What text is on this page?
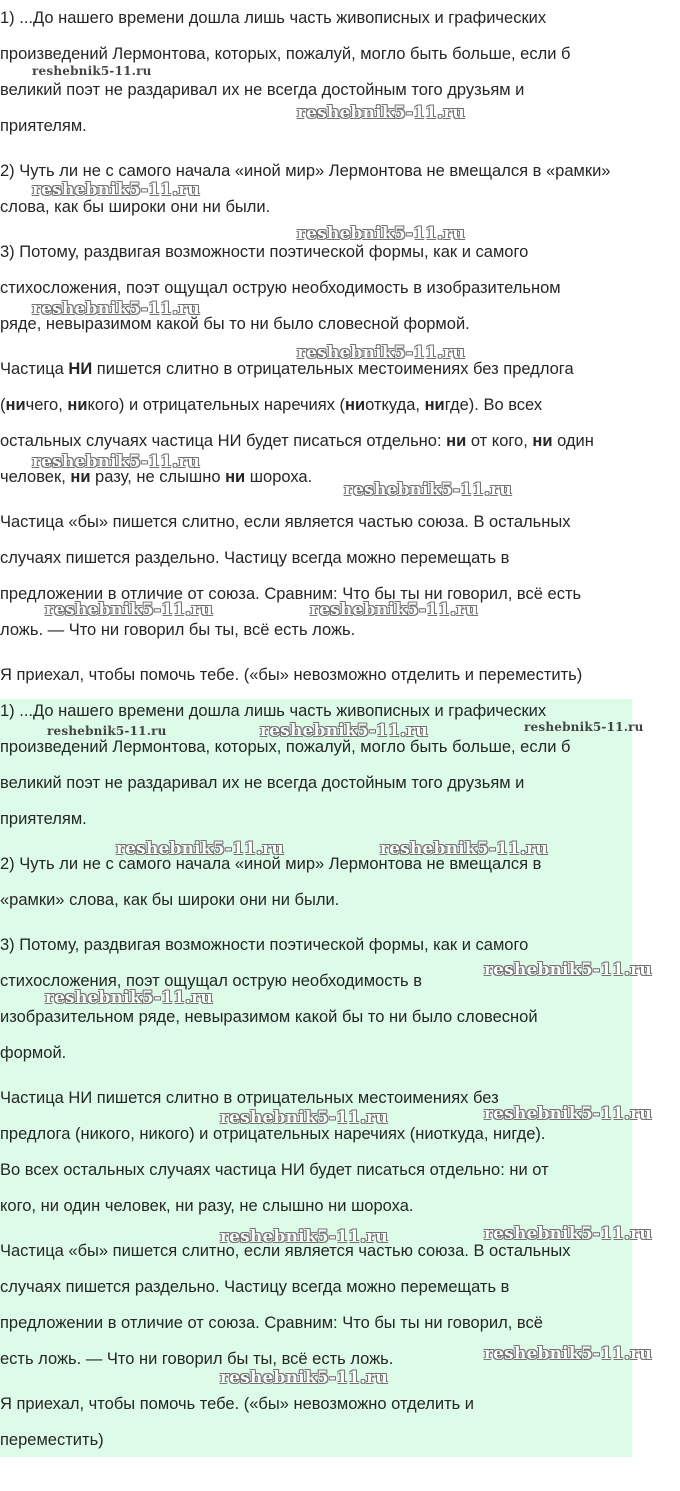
1) ...До нашего времени дошла лишь часть живописных и графических

произведений Лермонтова, которых, пожалуй, могло быть больше, если б

великий поэт не раздаривал их не всегда достойным того друзьям и

приятелям.

2) Чуть ли не с самого начала «иной мир» Лермонтова не вмещался в «рамки»

слова, как бы широки они ни были.

3) Потому, раздвигая возможности поэтической формы, как и самого

стихосложения, поэт ощущал острую необходимость в изобразительном

ряде, невыразимом какой бы то ни было словесной формой.

Частица НИ пишется слитно в отрицательных местоимениях без предлога

(ничего, никого) и отрицательных наречиях (ниоткуда, нигде). Во всех

остальных случаях частица НИ будет писаться отдельно: ни от кого, ни один

человек, ни разу, не слышно ни шороха.

Частица «бы» пишется слитно, если является частью союза. В остальных

случаях пишется раздельно. Частицу всегда можно перемещать в

предложении в отличие от союза. Сравним: Что бы ты ни говорил, всё есть

ложь. — Что ни говорил бы ты, всё есть ложь.

Я приехал, чтобы помочь тебе. («бы» невозможно отделить и переместить)

reshebnik5-11.ru
reshebnik5-11.ru
reshebnik5-11.ru
reshebnik5-11.ru
reshebnik5-11.ru
reshebnik5-11.ru
reshebnik5-11.ru
reshebnik5-11.ru
reshebnik5-11.ru	reshebnik5-11.ru

1) ...До нашего времени дошла лишь часть живописных и графических

произведений Лермонтова, которых, пожалуй, могло быть больше, если б

великий поэт не раздаривал их не всегда достойным того друзьям и

приятелям.

2) Чуть ли не с самого начала «иной мир» Лермонтова не вмещался в

«рамки» слова, как бы широки они ни были.

3) Потому, раздвигая возможности поэтической формы, как и самого

стихосложения, поэт ощущал острую необходимость в

изобразительном ряде, невыразимом какой бы то ни было словесной

формой.

Частица НИ пишется слитно в отрицательных местоимениях без

предлога (никого, никого) и отрицательных наречиях (ниоткуда, нигде).

Во всех остальных случаях частица НИ будет писаться отдельно: ни от

кого, ни один человек, ни разу, не слышно ни шороха.

Частица «бы» пишется слитно, если является частью союза. В остальных

случаях пишется раздельно. Частицу всегда можно перемещать в

предложении в отличие от союза. Сравним: Что бы ты ни говорил, всё

есть ложь. — Что ни говорил бы ты, всё есть ложь.

Я приехал, чтобы помочь тебе. («бы» невозможно отделить и

переместить)

reshebnik5-11.ru	reshebnik5-11.ru	reshebnik5-11.ru
reshebnik5-11.ru	reshebnik5-11.ru
reshebnik5-11.ru
reshebnik5-11.ru
reshebnik5-11.ru	reshebnik5-11.ru
reshebnik5-11.ru	reshebnik5-11.ru
reshebnik5-11.ru
reshebnik5-11.ru
